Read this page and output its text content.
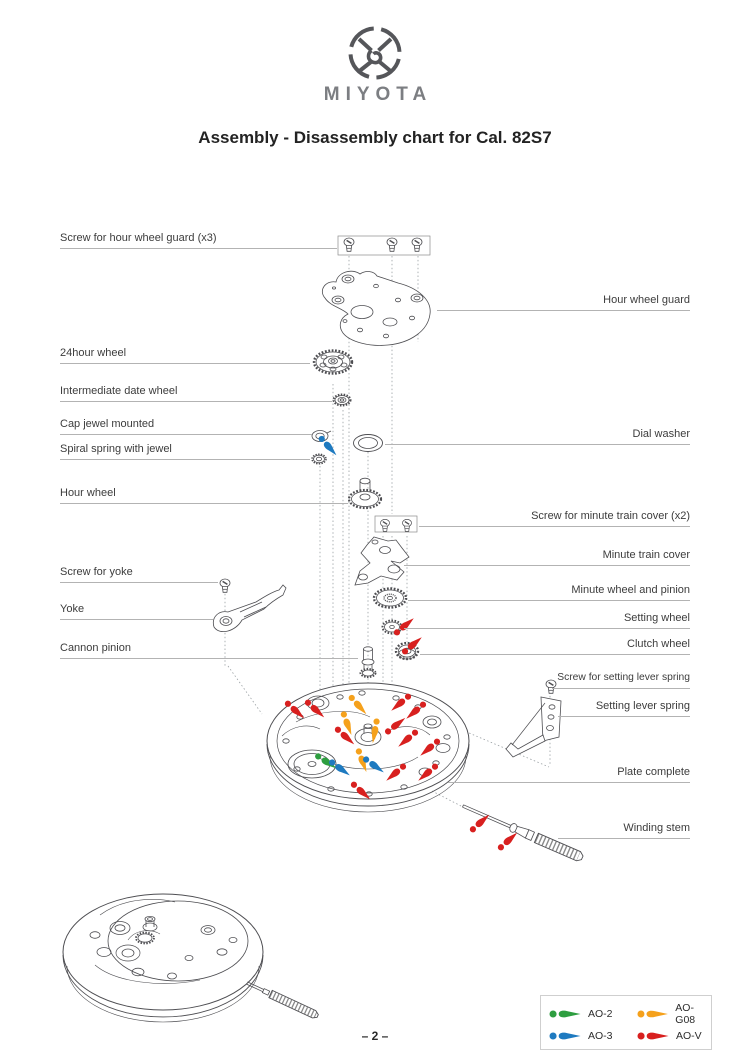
MIYOTA
Assembly - Disassembly chart for Cal. 82S7
Screw for hour wheel guard (x3)
24hour wheel
Intermediate date wheel
Cap jewel mounted
Spiral spring with jewel
Hour wheel
Screw for yoke
Yoke
Cannon pinion
Hour wheel guard
Dial washer
Screw for minute train cover (x2)
Minute train cover
Minute wheel and pinion
Setting wheel
Clutch wheel
Screw for setting lever spring
Setting lever spring
Plate complete
Winding stem
AO-2	AO-G08
AO-3	AO-V
– 2 –
